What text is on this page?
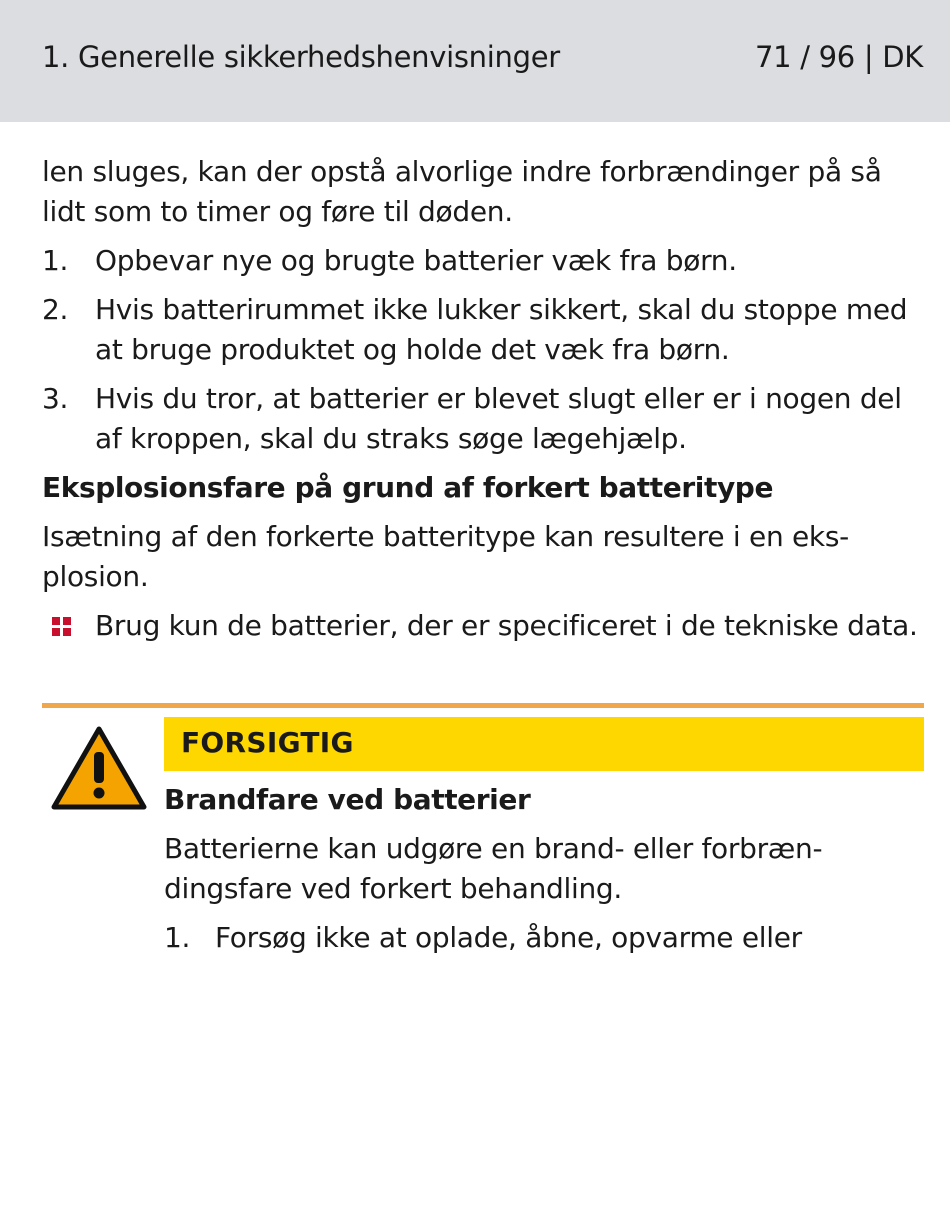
1. Generelle sikkerhedshenvisninger	71 / 96 | DK

len sluges, kan der opstå alvorlige indre forbrændinger på så lidt som to timer og føre til døden.

1. Opbevar nye og brugte batterier væk fra børn.
2. Hvis batterirummet ikke lukker sikkert, skal du stoppe med at bruge produktet og holde det væk fra børn.
3. Hvis du tror, at batterier er blevet slugt eller er i nogen del af kroppen, skal du straks søge lægehjælp.
Eksplosionsfare på grund af forkert batteritype

Isætning af den forkerte batteritype kan resultere i en eksplosion.

Brug kun de batterier, der er specificeret i de tekniske data.
FORSIGTIG
Brandfare ved batterier

Batterierne kan udgøre en brand- eller forbrændingsfare ved forkert behandling.

1. Forsøg ikke at oplade, åbne, opvarme eller
